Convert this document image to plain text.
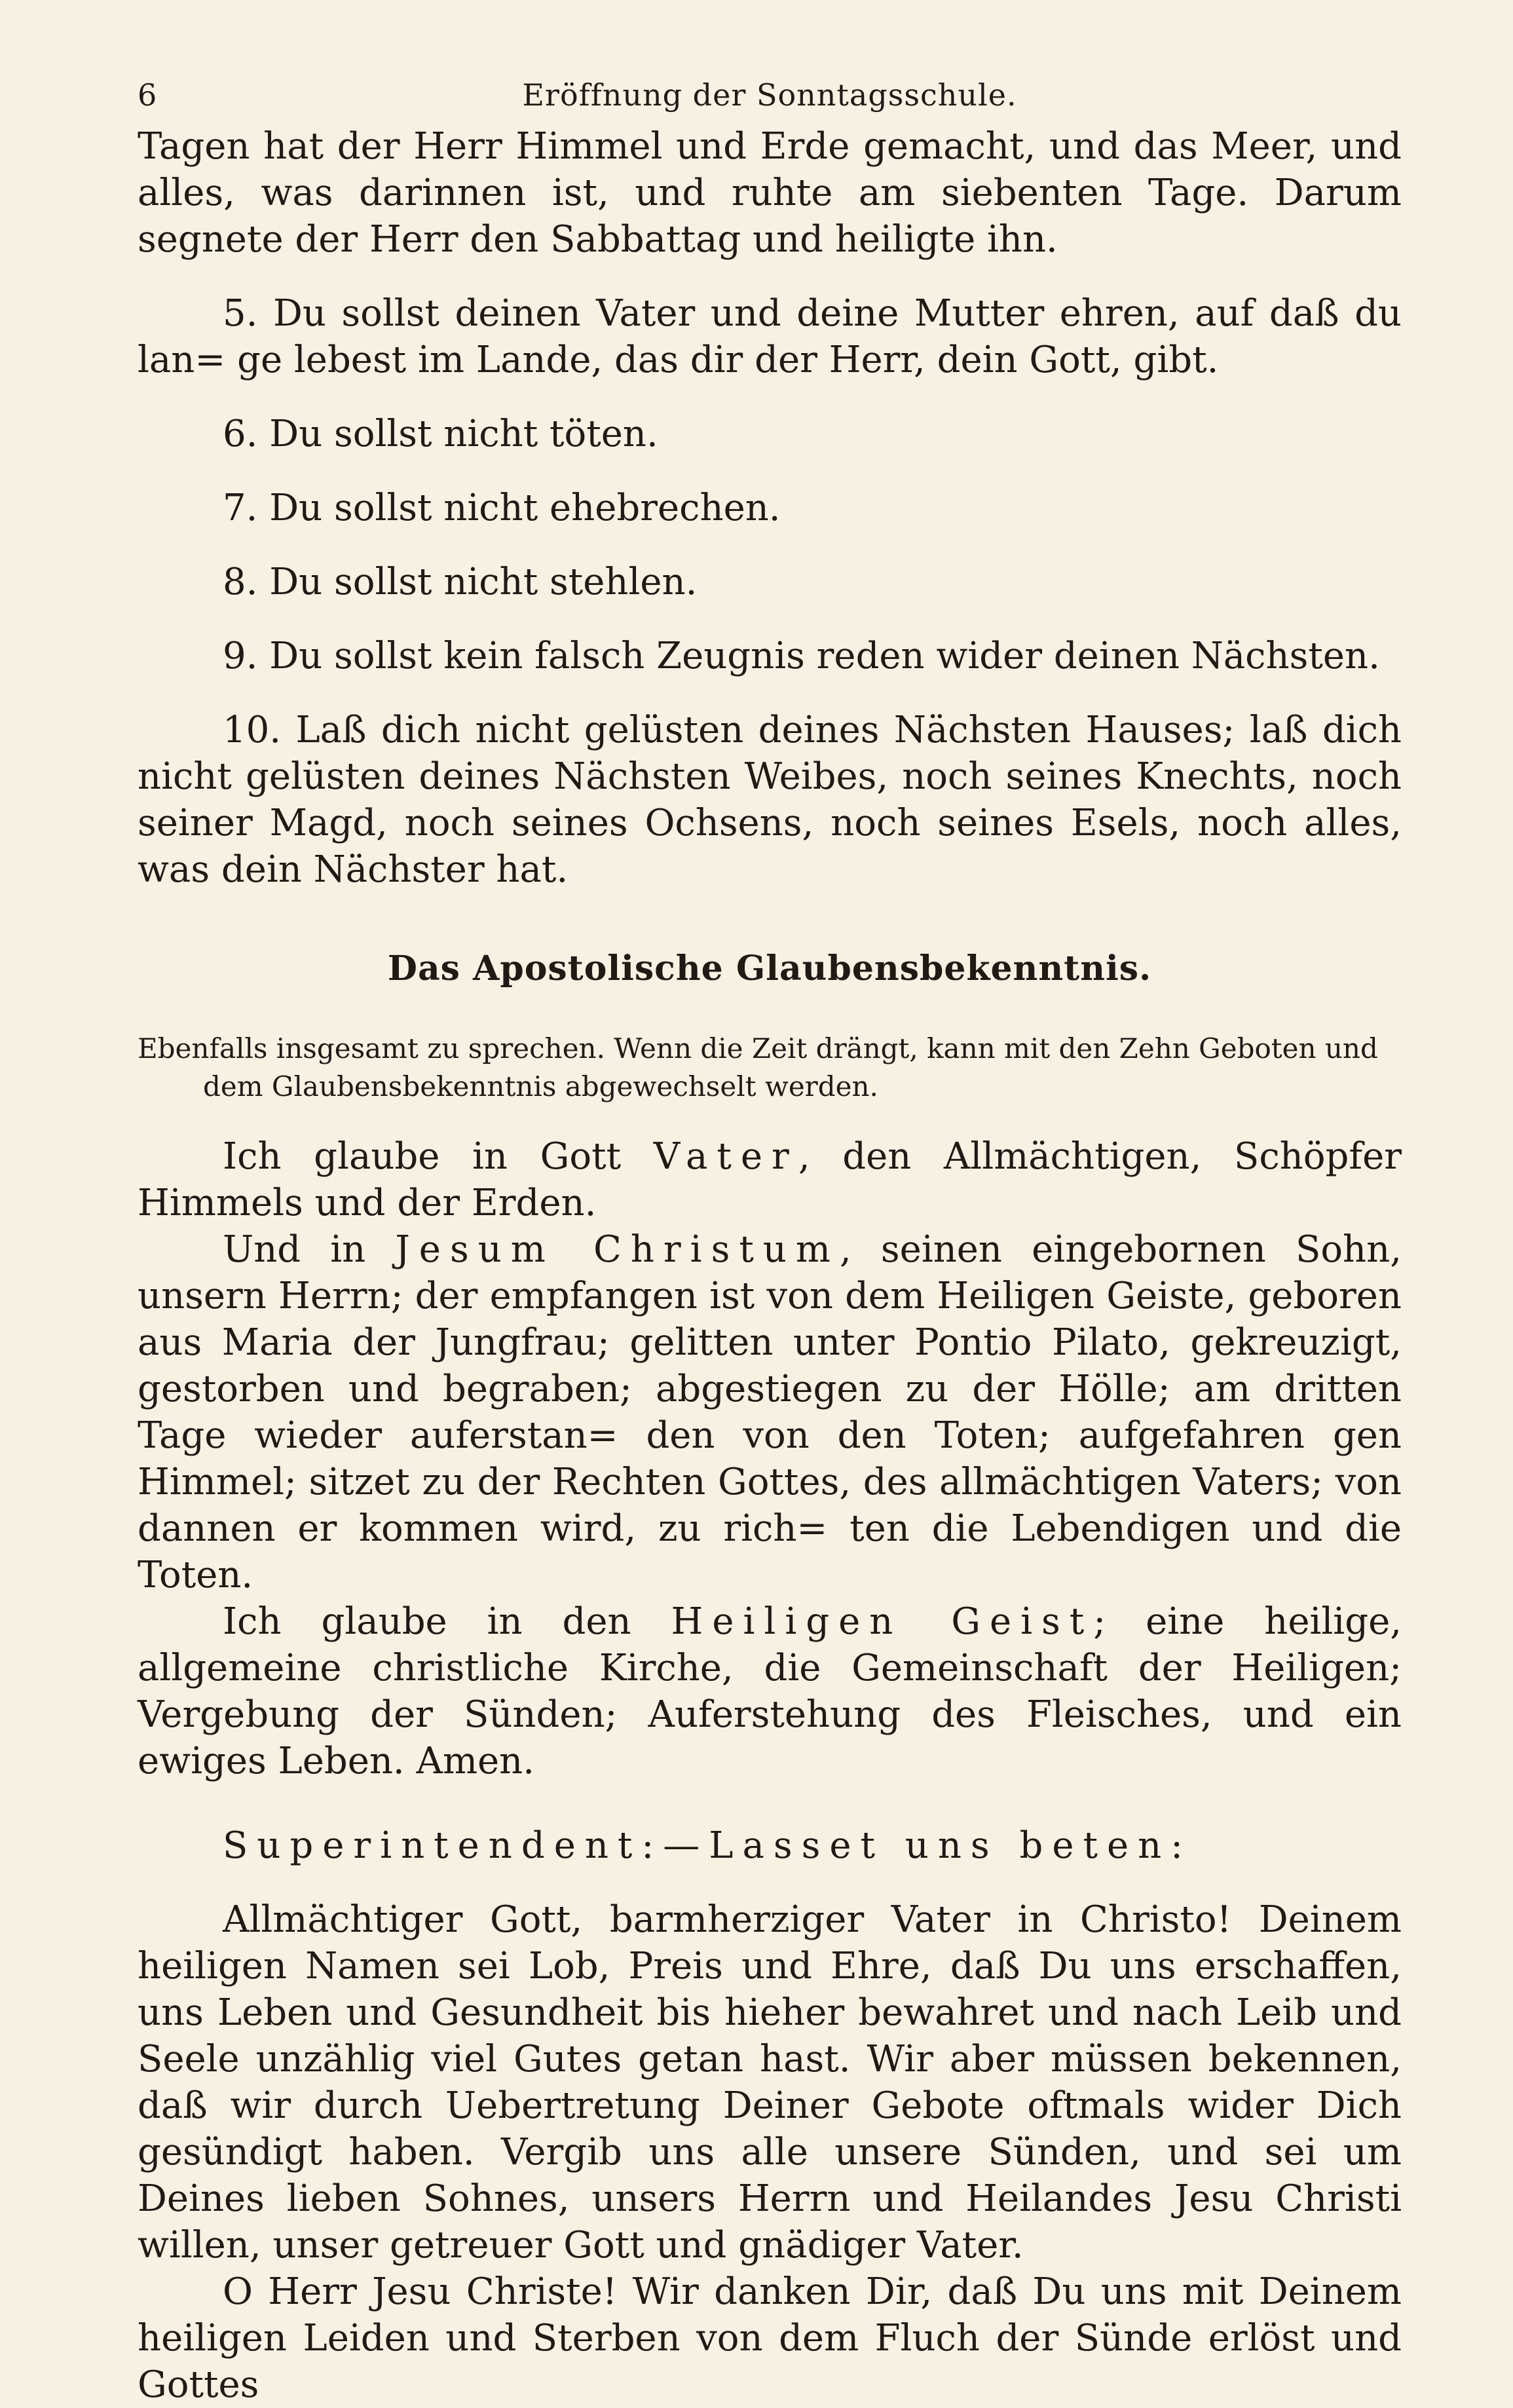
6	Eröffnung der Sonntagsschule.
Tagen hat der Herr Himmel und Erde gemacht, und das Meer, und alles, was darinnen ist, und ruhte am siebenten Tage. Darum segnete der Herr den Sabbattag und heiligte ihn.
5. Du sollst deinen Vater und deine Mutter ehren, auf daß du lan= ge lebest im Lande, das dir der Herr, dein Gott, gibt.
6. Du sollst nicht töten.
7. Du sollst nicht ehebrechen.
8. Du sollst nicht stehlen.
9. Du sollst kein falsch Zeugnis reden wider deinen Nächsten.
10. Laß dich nicht gelüsten deines Nächsten Hauses; laß dich nicht gelüsten deines Nächsten Weibes, noch seines Knechts, noch seiner Magd, noch seines Ochsens, noch seines Esels, noch alles, was dein Nächster hat.
Das Apostolische Glaubensbekenntnis.
Ebenfalls insgesamt zu sprechen. Wenn die Zeit drängt, kann mit den Zehn Geboten und
dem Glaubensbekenntnis abgewechselt werden.
Ich glaube in Gott Vater, den Allmächtigen, Schöpfer Himmels und der Erden.
Und in Jesum Christum, seinen eingebornen Sohn, unsern Herrn; der empfangen ist von dem Heiligen Geiste, geboren aus Maria der Jungfrau; gelitten unter Pontio Pilato, gekreuzigt, gestorben und begraben; abgestiegen zu der Hölle; am dritten Tage wieder auferstan= den von den Toten; aufgefahren gen Himmel; sitzet zu der Rechten Gottes, des allmächtigen Vaters; von dannen er kommen wird, zu rich= ten die Lebendigen und die Toten.
Ich glaube in den Heiligen Geist; eine heilige, allgemeine christliche Kirche, die Gemeinschaft der Heiligen; Vergebung der Sünden; Auferstehung des Fleisches, und ein ewiges Leben. Amen.
Superintendent:—Lasset uns beten:
Allmächtiger Gott, barmherziger Vater in Christo! Deinem heiligen Namen sei Lob, Preis und Ehre, daß Du uns erschaffen, uns Leben und Gesundheit bis hieher bewahret und nach Leib und Seele unzählig viel Gutes getan hast. Wir aber müssen bekennen, daß wir durch Uebertretung Deiner Gebote oftmals wider Dich gesündigt haben. Vergib uns alle unsere Sünden, und sei um Deines lieben Sohnes, unsers Herrn und Heilandes Jesu Christi willen, unser getreuer Gott und gnädiger Vater.
O Herr Jesu Christe! Wir danken Dir, daß Du uns mit Deinem heiligen Leiden und Sterben von dem Fluch der Sünde erlöst und Gottes
